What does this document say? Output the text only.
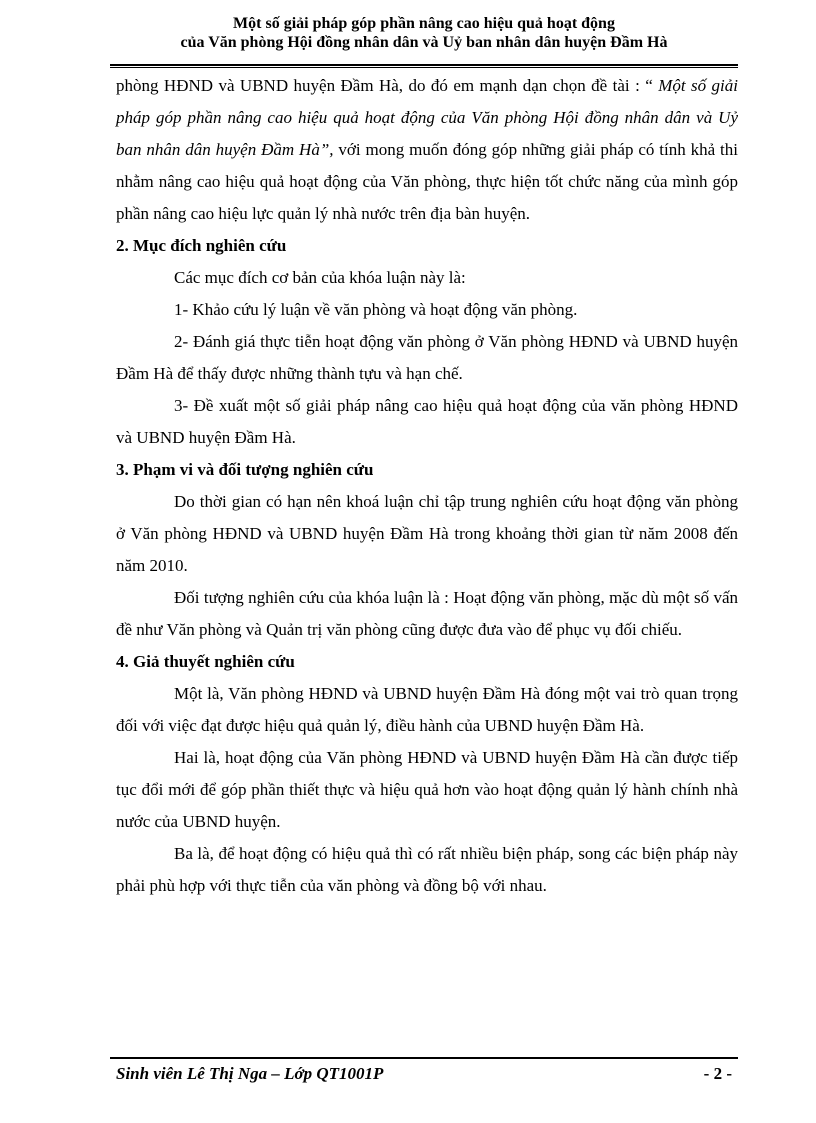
Một số giải pháp góp phần nâng cao hiệu quả hoạt động
của Văn phòng Hội đồng nhân dân và Uỷ ban nhân dân huyện Đầm Hà

phòng HĐND và UBND huyện Đầm Hà, do đó em mạnh dạn chọn đề tài : “ Một số giải pháp góp phần nâng cao hiệu quả hoạt động của Văn phòng Hội đồng nhân dân và Uỷ ban nhân dân huyện Đầm Hà”, với mong muốn đóng góp những giải pháp có tính khả thi nhằm nâng cao hiệu quả hoạt động của Văn phòng, thực hiện tốt chức năng của mình góp phần nâng cao hiệu lực quản lý nhà nước trên địa bàn huyện.

2. Mục đích nghiên cứu

Các mục đích cơ bản của khóa luận này là:

1- Khảo cứu lý luận về văn phòng và hoạt động văn phòng.

2- Đánh giá thực tiễn hoạt động văn phòng ở Văn phòng HĐND và UBND huyện Đầm Hà để thấy được những thành tựu và hạn chế.

3- Đề xuất một số giải pháp nâng cao hiệu quả hoạt động của văn phòng HĐND và UBND huyện Đầm Hà.

3. Phạm vi và đối tượng nghiên cứu

Do thời gian có hạn nên khoá luận chỉ tập trung nghiên cứu hoạt động văn phòng ở Văn phòng HĐND và UBND huyện Đầm Hà trong khoảng thời gian từ năm 2008 đến năm 2010.

Đối tượng nghiên cứu của khóa luận là : Hoạt động văn phòng, mặc dù một số vấn đề như Văn phòng và Quản trị văn phòng cũng được đưa vào để phục vụ đối chiếu.

4. Giả thuyết nghiên cứu

Một là, Văn phòng HĐND và UBND huyện Đầm Hà đóng một vai trò quan trọng đối với việc đạt được hiệu quả quản lý, điều hành của UBND huyện Đầm Hà.

Hai là, hoạt động của Văn phòng HĐND và UBND huyện Đầm Hà cần được tiếp tục đổi mới để góp phần thiết thực và hiệu quả hơn vào hoạt động quản lý hành chính nhà nước của UBND huyện.

Ba là, để hoạt động có hiệu quả thì có rất nhiều biện pháp, song các biện pháp này phải phù hợp với thực tiễn của văn phòng và đồng bộ với nhau.

Sinh viên Lê Thị Nga – Lớp QT1001P	- 2 -
